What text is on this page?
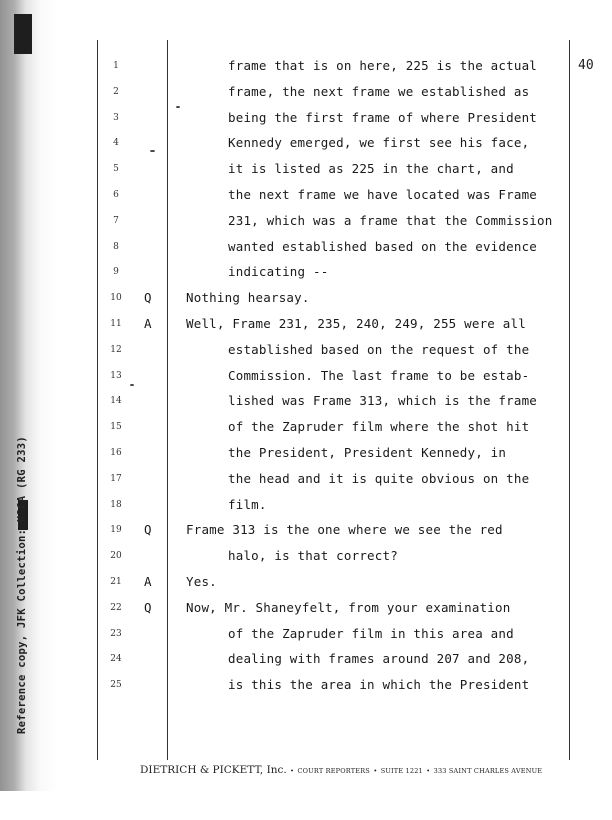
Reference copy, JFK Collection: HSCA (RG 233)
40
1	frame that is on here, 225 is the actual
2	frame, the next frame we established as
3	being the first frame of where President
4	Kennedy emerged, we first see his face,
5	it is listed as 225 in the chart, and
6	the next frame we have located was Frame
7	231, which was a frame that the Commission
8	wanted established based on the evidence
9	indicating --
10	Q	Nothing hearsay.
11	A	Well, Frame 231, 235, 240, 249, 255 were all
12	established based on the request of the
13	Commission. The last frame to be estab-
14	lished was Frame 313, which is the frame
15	of the Zapruder film where the shot hit
16	the President, President Kennedy, in
17	the head and it is quite obvious on the
18	film.
19	Q	Frame 313 is the one where we see the red
20	halo, is that correct?
21	A	Yes.
22	Q	Now, Mr. Shaneyfelt, from your examination
23	of the Zapruder film in this area and
24	dealing with frames around 207 and 208,
25	is this the area in which the President
DIETRICH & PICKETT, Inc. • COURT REPORTERS • SUITE 1221 • 333 SAINT CHARLES AVENUE
